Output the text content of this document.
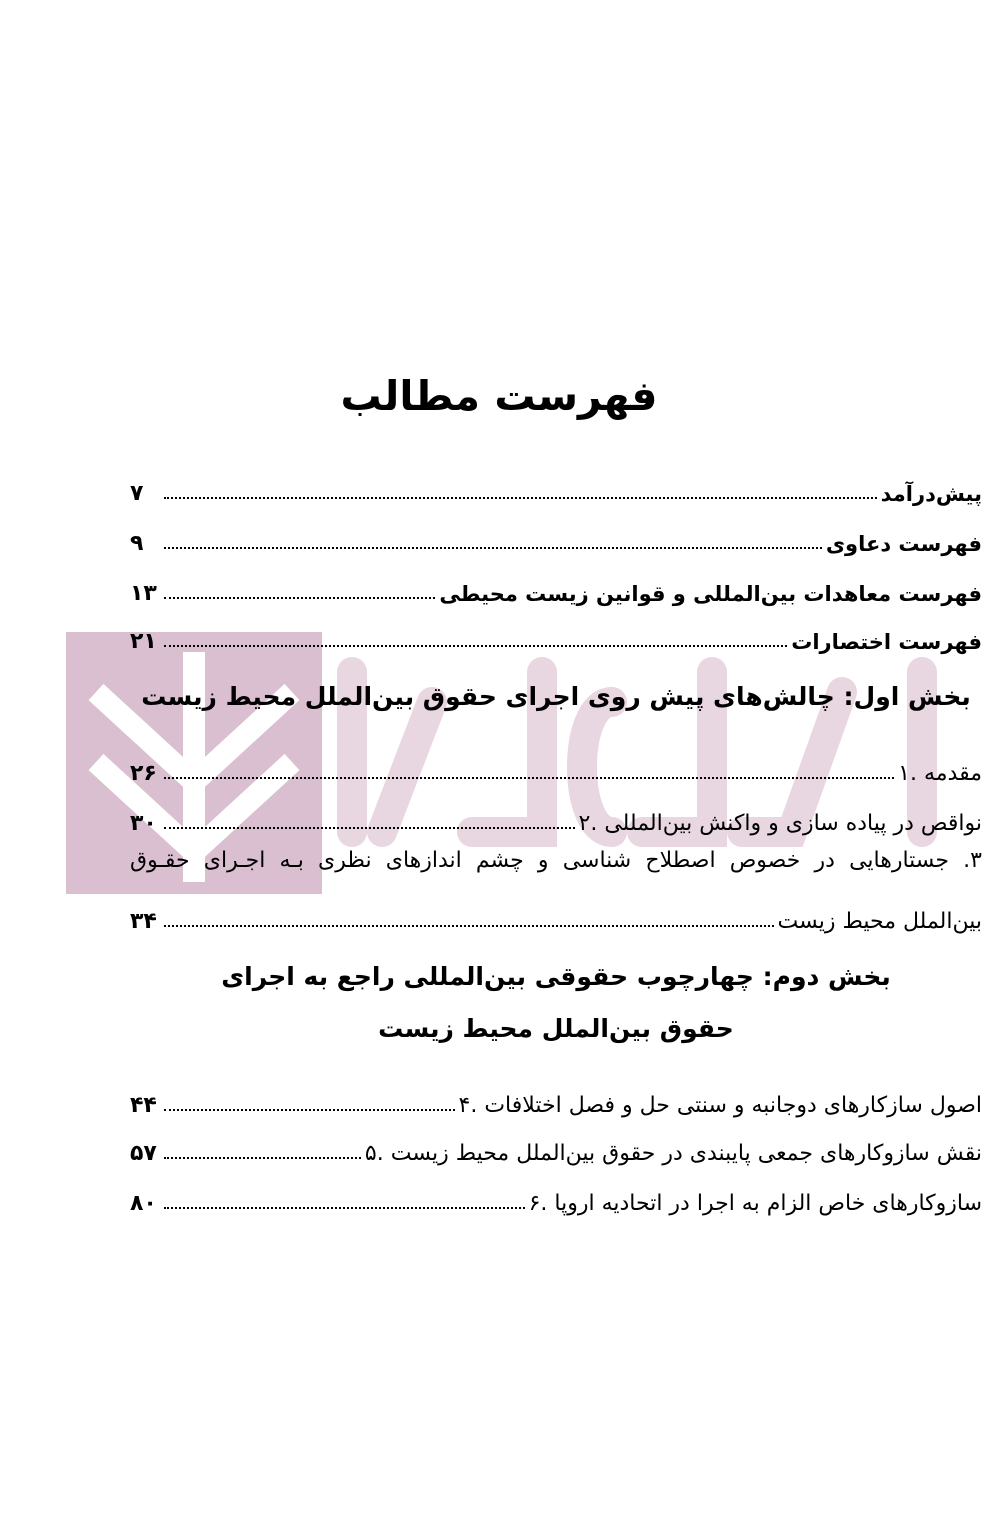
فهرست مطالب
پیش‌درآمد
۷
فهرست دعاوی
۹
فهرست معاهدات بین‌المللی و قوانین زیست محیطی
۱۳
فهرست اختصارات
۲۱
بخش اول: چالش‌های پیش روی اجرای حقوق بین‌الملل محیط زیست
۱. مقدمه
۲۶
۲. نواقص در پیاده سازی و واکنش بین‌المللی
۳۰
۳. جستارهایی در خصوص اصطلاح شناسی و چشم اندازهای نظری بـه اجـرای حقـوق
بین‌الملل محیط زیست
۳۴
بخش دوم: چهارچوب حقوقی بین‌المللی راجع به اجرای
حقوق بین‌الملل محیط زیست
۴. اصول سازکارهای دوجانبه و سنتی حل و فصل اختلافات
۴۴
۵. نقش سازوکارهای جمعی پایبندی در حقوق بین‌الملل محیط زیست
۵۷
۶. سازوکارهای خاص الزام به اجرا در اتحادیه اروپا
۸۰
